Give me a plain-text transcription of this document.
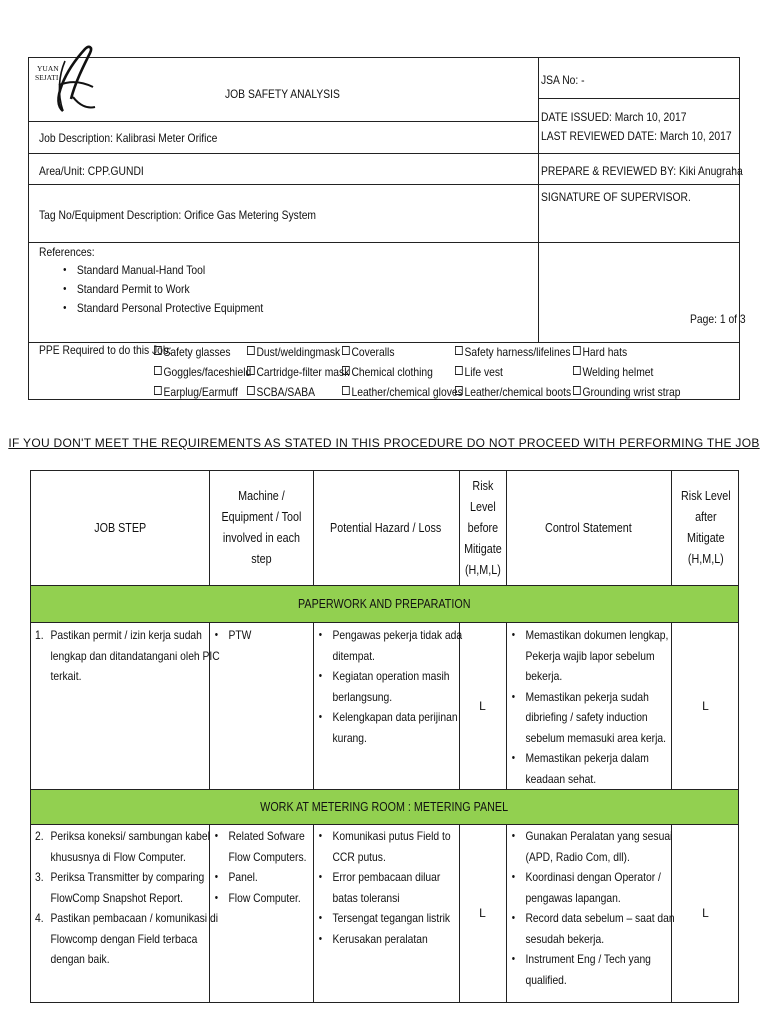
YUAN
SEJATI
JOB SAFETY ANALYSIS
JSA No: -
DATE ISSUED: March 10, 2017
LAST REVIEWED DATE: March 10, 2017
Job Description: Kalibrasi Meter Orifice
Area/Unit: CPP.GUNDI	PREPARE & REVIEWED BY: Kiki Anugraha
SIGNATURE OF SUPERVISOR.
Tag No/Equipment Description: Orifice Gas Metering System
References:
• Standard Manual-Hand Tool
• Standard Permit to Work
• Standard Personal Protective Equipment
Page: 1 of 3
PPE Required to do this Job:
Safety glasses	Dust/weldingmask Coveralls	Safety harness/lifelines Hard hats
Goggles/faceshield Cartridge-filter mask Chemical clothing	Life vest	Welding helmet
Earplug/Earmuff	SCBA/SABA	Leather/chemical gloves Leather/chemical boots Grounding wrist strap
IF YOU DON'T MEET THE REQUIREMENTS AS STATED IN THIS PROCEDURE DO NOT PROCEED WITH PERFORMING THE JOB
JOB STEP
Machine /
Equipment / Tool
involved in each
step
Potential Hazard / Loss
Risk
Level
before
Mitigate
(H,M,L)
Control Statement
Risk Level
after
Mitigate
(H,M,L)
PAPERWORK AND PREPARATION
1. Pastikan permit / izin kerja sudah
lengkap dan ditandatangani oleh PIC
terkait.
• PTW
•	Pengawas pekerja tidak ada
ditempat.
• Kegiatan operation masih
berlangsung.
• Kelengkapan data perijinan
kurang.
L
• Memastikan dokumen lengkap,
Pekerja wajib lapor sebelum
bekerja.
• Memastikan pekerja sudah
dibriefing / safety induction
sebelum memasuki area kerja.
• Memastikan pekerja dalam
keadaan sehat.
L
WORK AT METERING ROOM : METERING PANEL
2. Periksa koneksi/ sambungan kabel
khususnya di Flow Computer.
3. Periksa Transmitter by comparing
FlowComp Snapshot Report.
4. Pastikan pembacaan / komunikasi di
Flowcomp dengan Field terbaca
dengan baik.
• Related Sofware
Flow Computers.
• Panel.
• Flow Computer.
• Komunikasi putus Field to
CCR putus.
• Error pembacaan diluar
batas toleransi
• Tersengat tegangan listrik
• Kerusakan peralatan
L
• Gunakan Peralatan yang sesuai
(APD, Radio Com, dll).
• Koordinasi dengan Operator /
pengawas lapangan.
• Record data sebelum – saat dan
sesudah bekerja.
• Instrument Eng / Tech yang
qualified.
L
